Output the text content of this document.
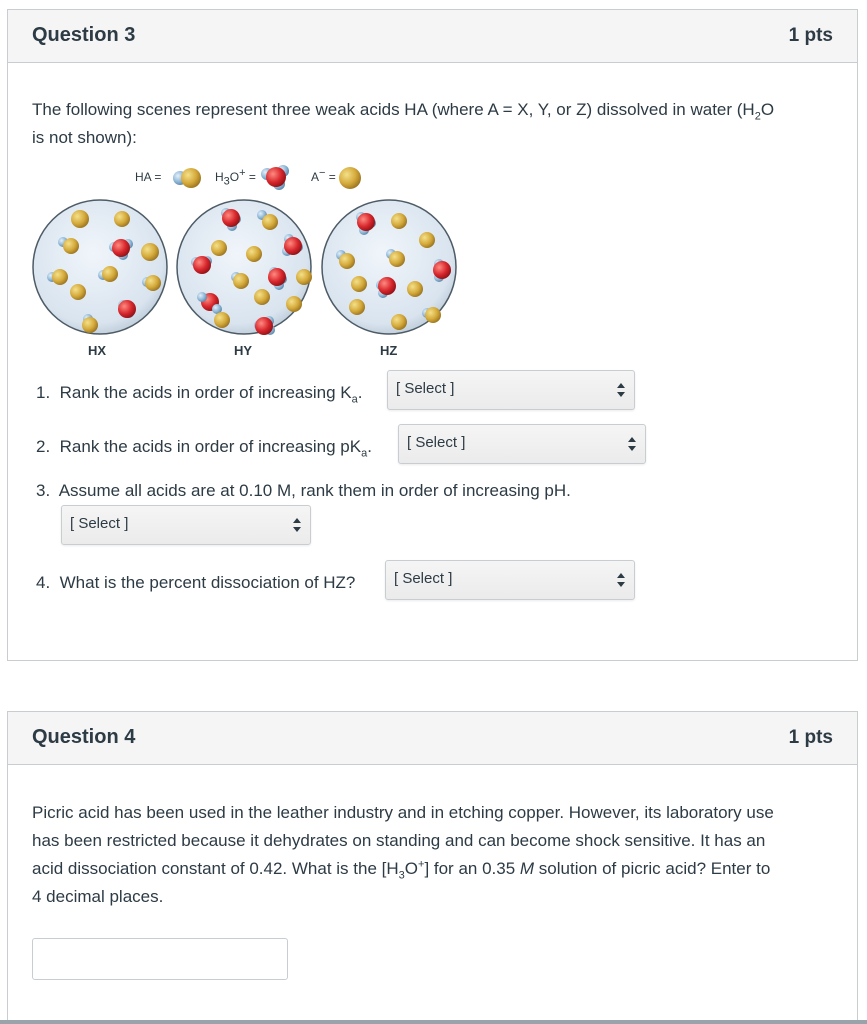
Question 3	1 pts
The following scenes represent three weak acids HA (where A = X, Y, or Z) dissolved in water ($H_2O$
is not shown):
HA =	H3O+ =	A− =
HX	HY	HZ
1. Rank the acids in order of increasing $K_a$. [ Select ]
2. Rank the acids in order of increasing $pK_a$. [ Select ]
3. Assume all acids are at 0.10 M, rank them in order of increasing pH.
[ Select ]
4. What is the percent dissociation of HZ?	[ Select ]
Question 4	1 pts
Picric acid has been used in the leather industry and in etching copper. However, its laboratory use
has been restricted because it dehydrates on standing and can become shock sensitive. It has an
acid dissociation constant of 0.42. What is the $[H_3O^+]$ for an 0.35 M solution of picric acid? Enter to
4 decimal places.
